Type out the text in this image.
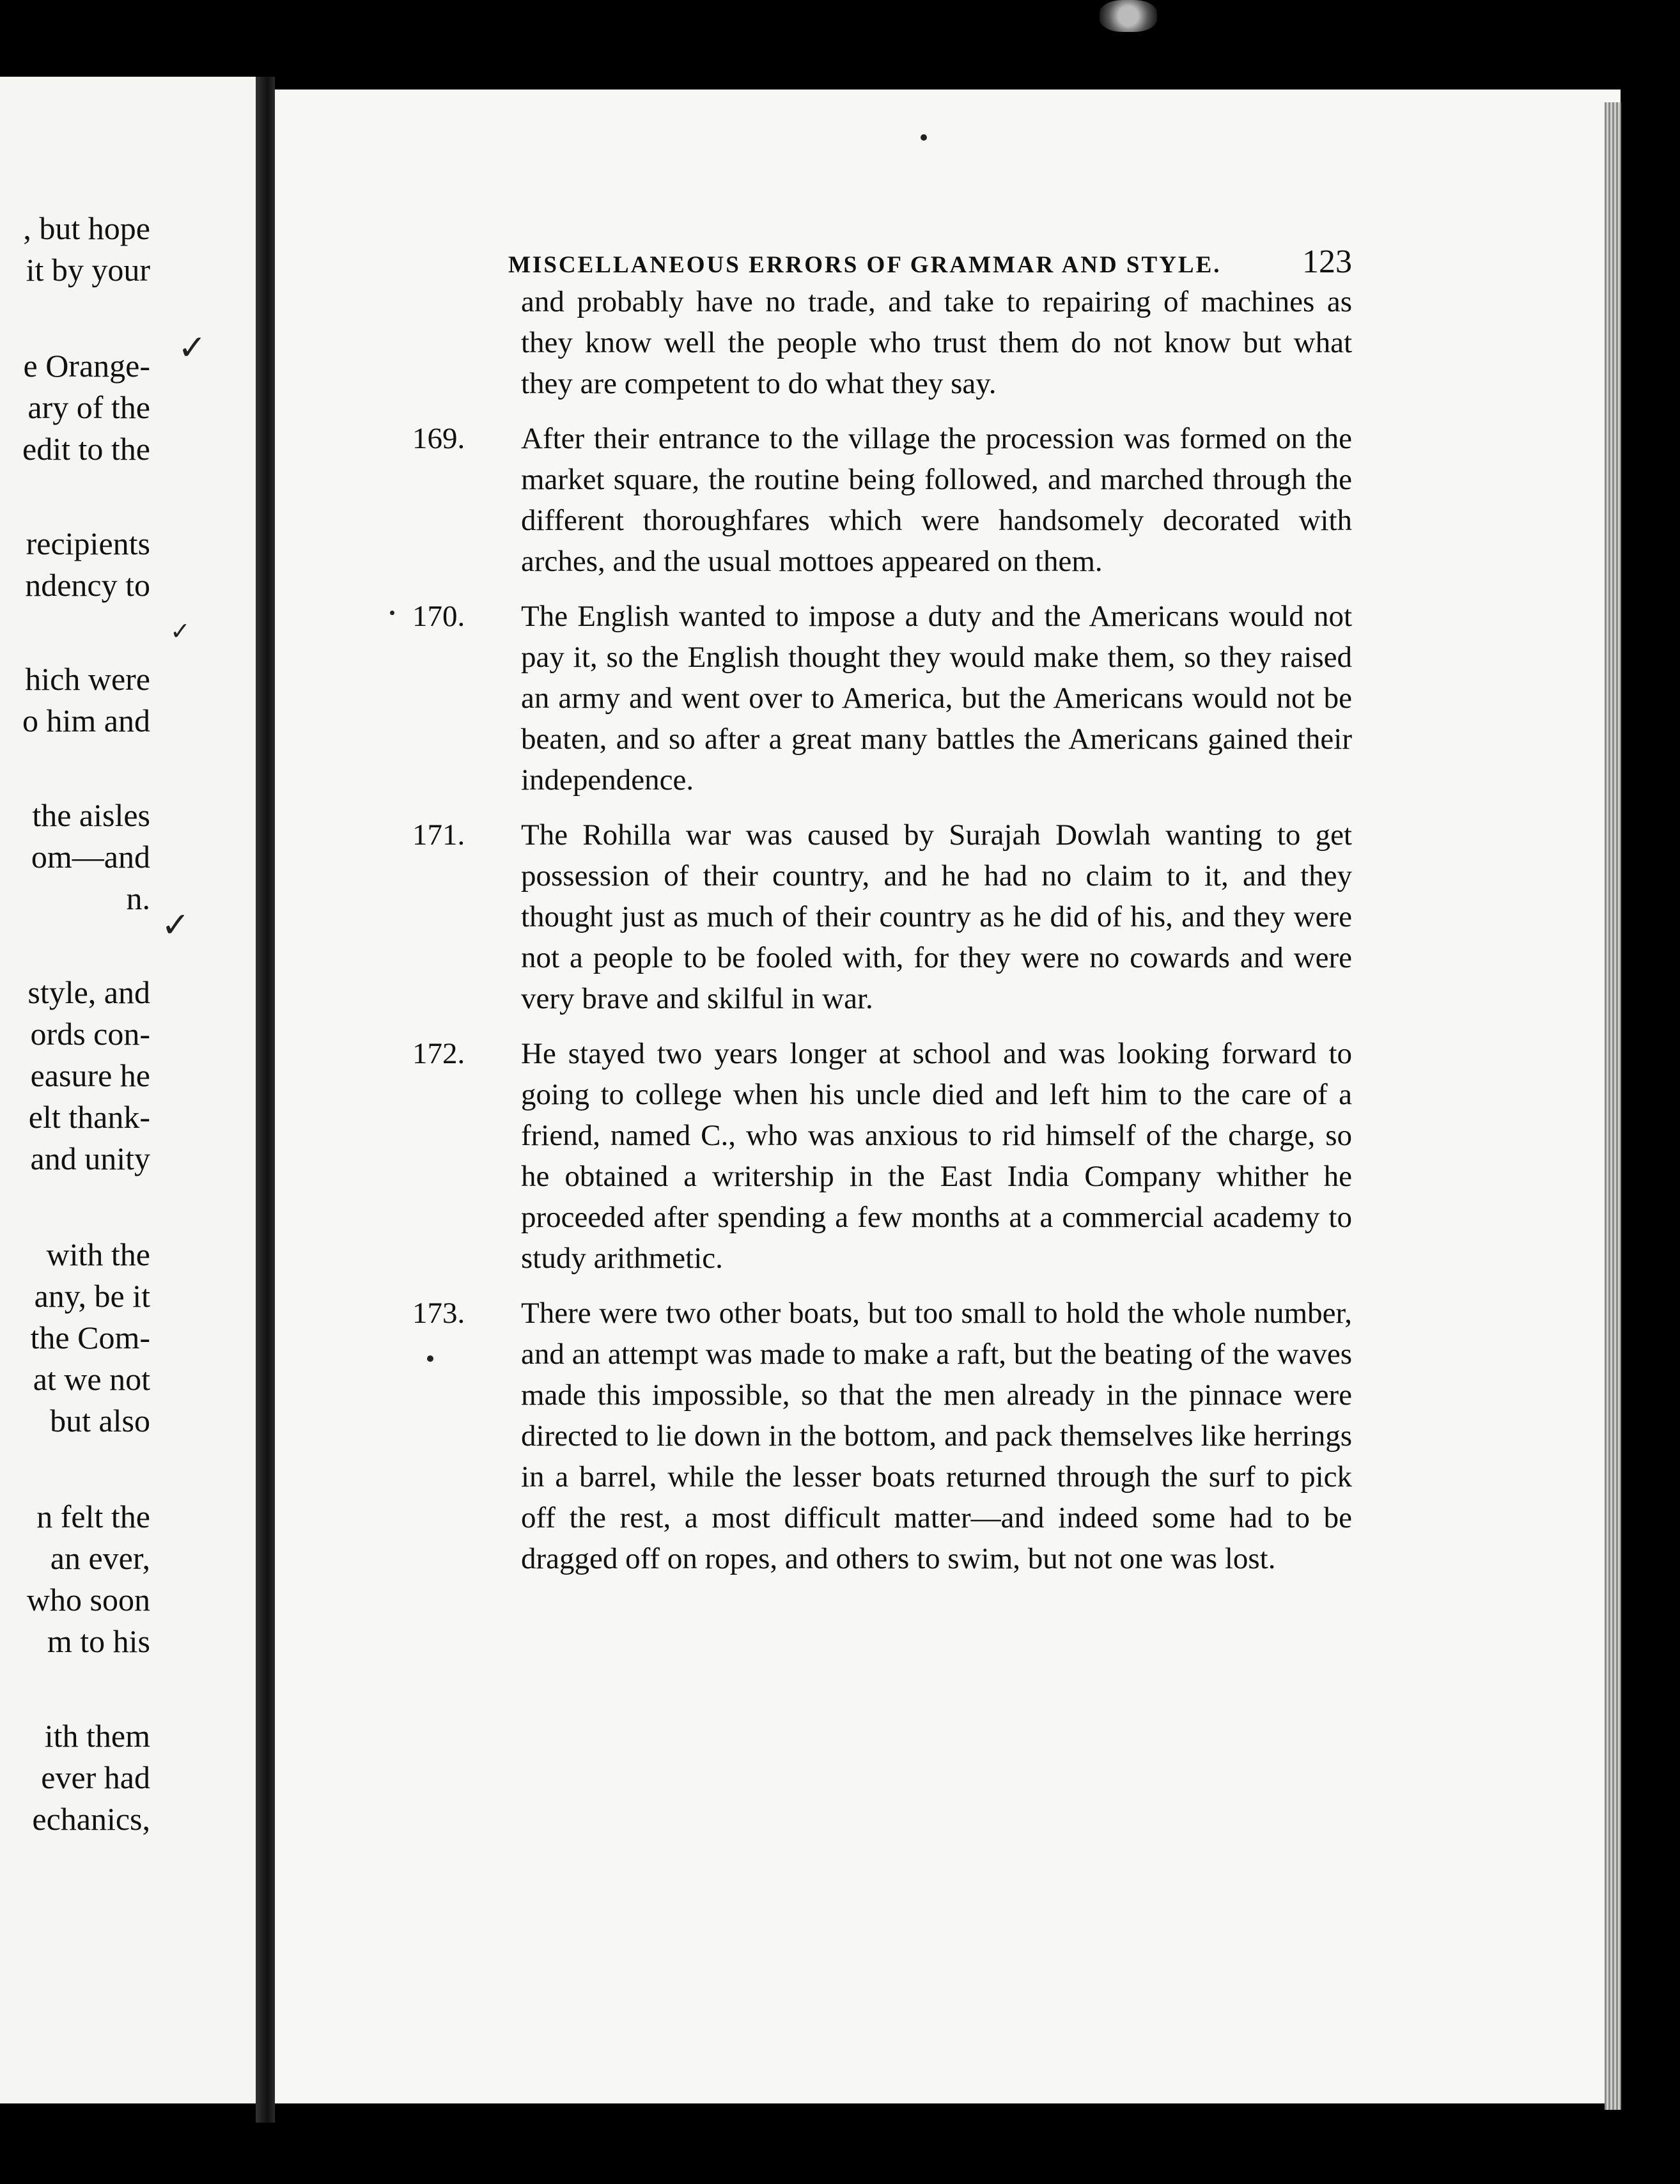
, but hope
it by your
e Orange-
ary of the
edit to the
recipients
ndency to
hich were
o him and
the aisles
om—and
n.
style, and
ords con-
easure he
elt thank-
and unity
with the
any, be it
the Com-
at we not
but also
n felt the
an ever,
who soon
m to his
ith them
ever had
echanics,
✓
✓
✓
MISCELLANEOUS ERRORS OF GRAMMAR AND STYLE. 123

and probably have no trade, and take to repairing of machines as they know well the people who trust them do not know but what they are competent to do what they say.

169.	After their entrance to the village the procession was formed on the market square, the routine being followed, and marched through the different thoroughfares which were handsomely decorated with arches, and the usual mottoes appeared on them.

170.	The English wanted to impose a duty and the Americans would not pay it, so the English thought they would make them, so they raised an army and went over to America, but the Americans would not be beaten, and so after a great many battles the Americans gained their independence.

171.	The Rohilla war was caused by Surajah Dowlah wanting to get possession of their country, and he had no claim to it, and they thought just as much of their country as he did of his, and they were not a people to be fooled with, for they were no cowards and were very brave and skilful in war.

172.	He stayed two years longer at school and was looking forward to going to college when his uncle died and left him to the care of a friend, named C., who was anxious to rid himself of the charge, so he obtained a writership in the East India Company whither he proceeded after spending a few months at a commercial academy to study arithmetic.

173.	There were two other boats, but too small to hold the whole number, and an attempt was made to make a raft, but the beating of the waves made this impossible, so that the men already in the pinnace were directed to lie down in the bottom, and pack themselves like herrings in a barrel, while the lesser boats returned through the surf to pick off the rest, a most difficult matter—and indeed some had to be dragged off on ropes, and others to swim, but not one was lost.
